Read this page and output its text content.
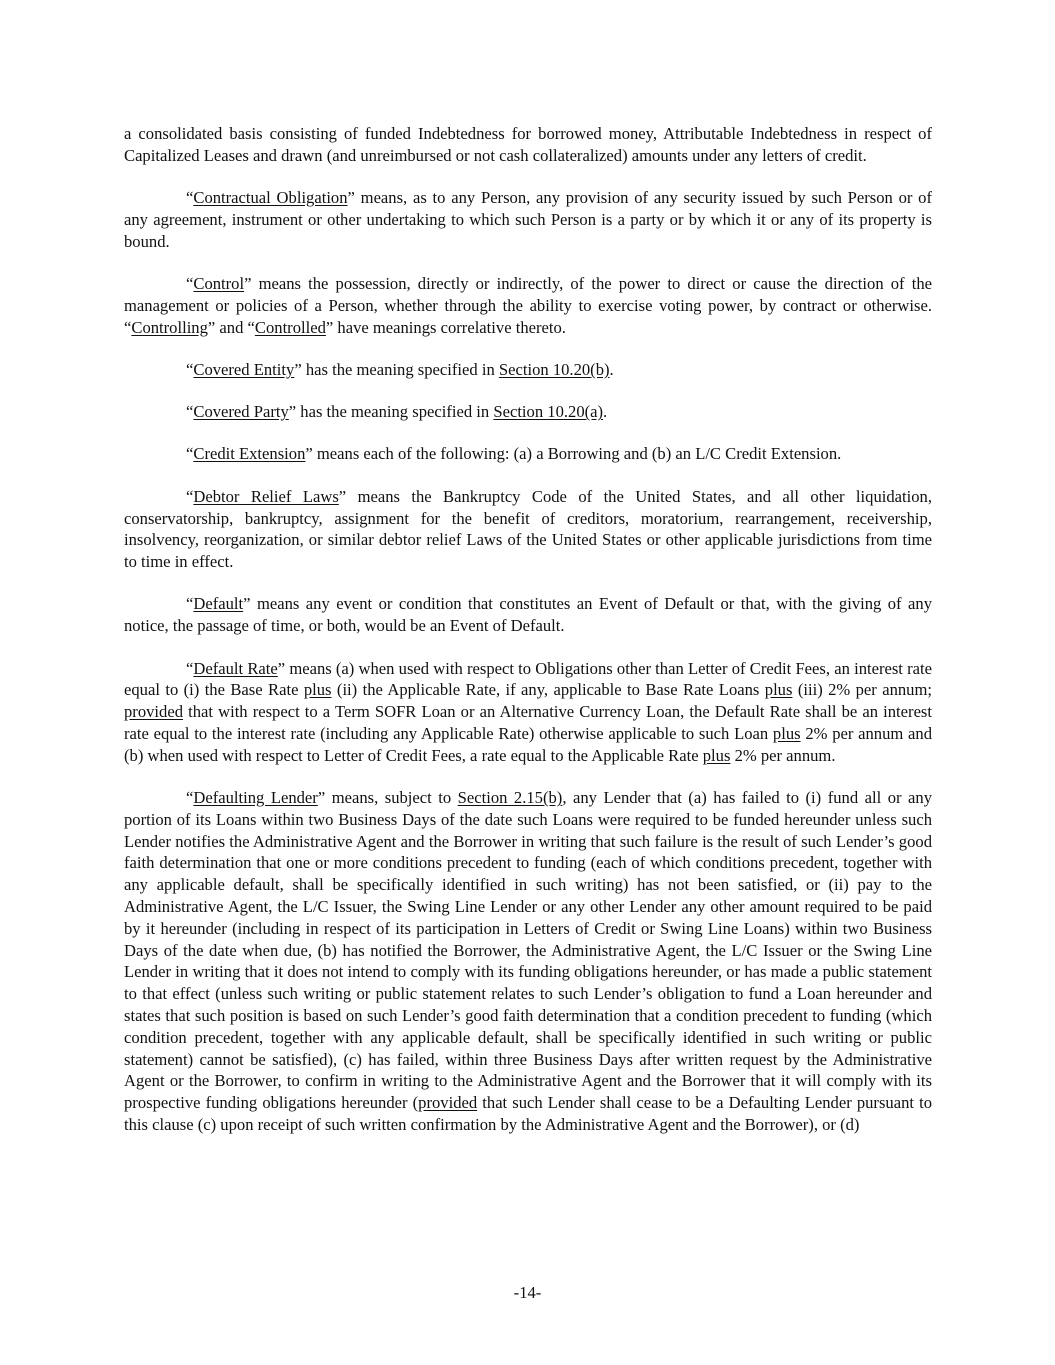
a consolidated basis consisting of funded Indebtedness for borrowed money, Attributable Indebtedness in respect of Capitalized Leases and drawn (and unreimbursed or not cash collateralized) amounts under any letters of credit.

“Contractual Obligation” means, as to any Person, any provision of any security issued by such Person or of any agreement, instrument or other undertaking to which such Person is a party or by which it or any of its property is bound.

“Control” means the possession, directly or indirectly, of the power to direct or cause the direction of the management or policies of a Person, whether through the ability to exercise voting power, by contract or otherwise. “Controlling” and “Controlled” have meanings correlative thereto.

“Covered Entity” has the meaning specified in Section 10.20(b).

“Covered Party” has the meaning specified in Section 10.20(a).

“Credit Extension” means each of the following: (a) a Borrowing and (b) an L/C Credit Extension.

“Debtor Relief Laws” means the Bankruptcy Code of the United States, and all other liquidation, conservatorship, bankruptcy, assignment for the benefit of creditors, moratorium, rearrangement, receivership, insolvency, reorganization, or similar debtor relief Laws of the United States or other applicable jurisdictions from time to time in effect.

“Default” means any event or condition that constitutes an Event of Default or that, with the giving of any notice, the passage of time, or both, would be an Event of Default.

“Default Rate” means (a) when used with respect to Obligations other than Letter of Credit Fees, an interest rate equal to (i) the Base Rate plus (ii) the Applicable Rate, if any, applicable to Base Rate Loans plus (iii) 2% per annum; provided that with respect to a Term SOFR Loan or an Alternative Currency Loan, the Default Rate shall be an interest rate equal to the interest rate (including any Applicable Rate) otherwise applicable to such Loan plus 2% per annum and (b) when used with respect to Letter of Credit Fees, a rate equal to the Applicable Rate plus 2% per annum.

“Defaulting Lender” means, subject to Section 2.15(b), any Lender that (a) has failed to (i) fund all or any portion of its Loans within two Business Days of the date such Loans were required to be funded hereunder unless such Lender notifies the Administrative Agent and the Borrower in writing that such failure is the result of such Lender’s good faith determination that one or more conditions precedent to funding (each of which conditions precedent, together with any applicable default, shall be specifically identified in such writing) has not been satisfied, or (ii) pay to the Administrative Agent, the L/C Issuer, the Swing Line Lender or any other Lender any other amount required to be paid by it hereunder (including in respect of its participation in Letters of Credit or Swing Line Loans) within two Business Days of the date when due, (b) has notified the Borrower, the Administrative Agent, the L/C Issuer or the Swing Line Lender in writing that it does not intend to comply with its funding obligations hereunder, or has made a public statement to that effect (unless such writing or public statement relates to such Lender’s obligation to fund a Loan hereunder and states that such position is based on such Lender’s good faith determination that a condition precedent to funding (which condition precedent, together with any applicable default, shall be specifically identified in such writing or public statement) cannot be satisfied), (c) has failed, within three Business Days after written request by the Administrative Agent or the Borrower, to confirm in writing to the Administrative Agent and the Borrower that it will comply with its prospective funding obligations hereunder (provided that such Lender shall cease to be a Defaulting Lender pursuant to this clause (c) upon receipt of such written confirmation by the Administrative Agent and the Borrower), or (d)

-14-
